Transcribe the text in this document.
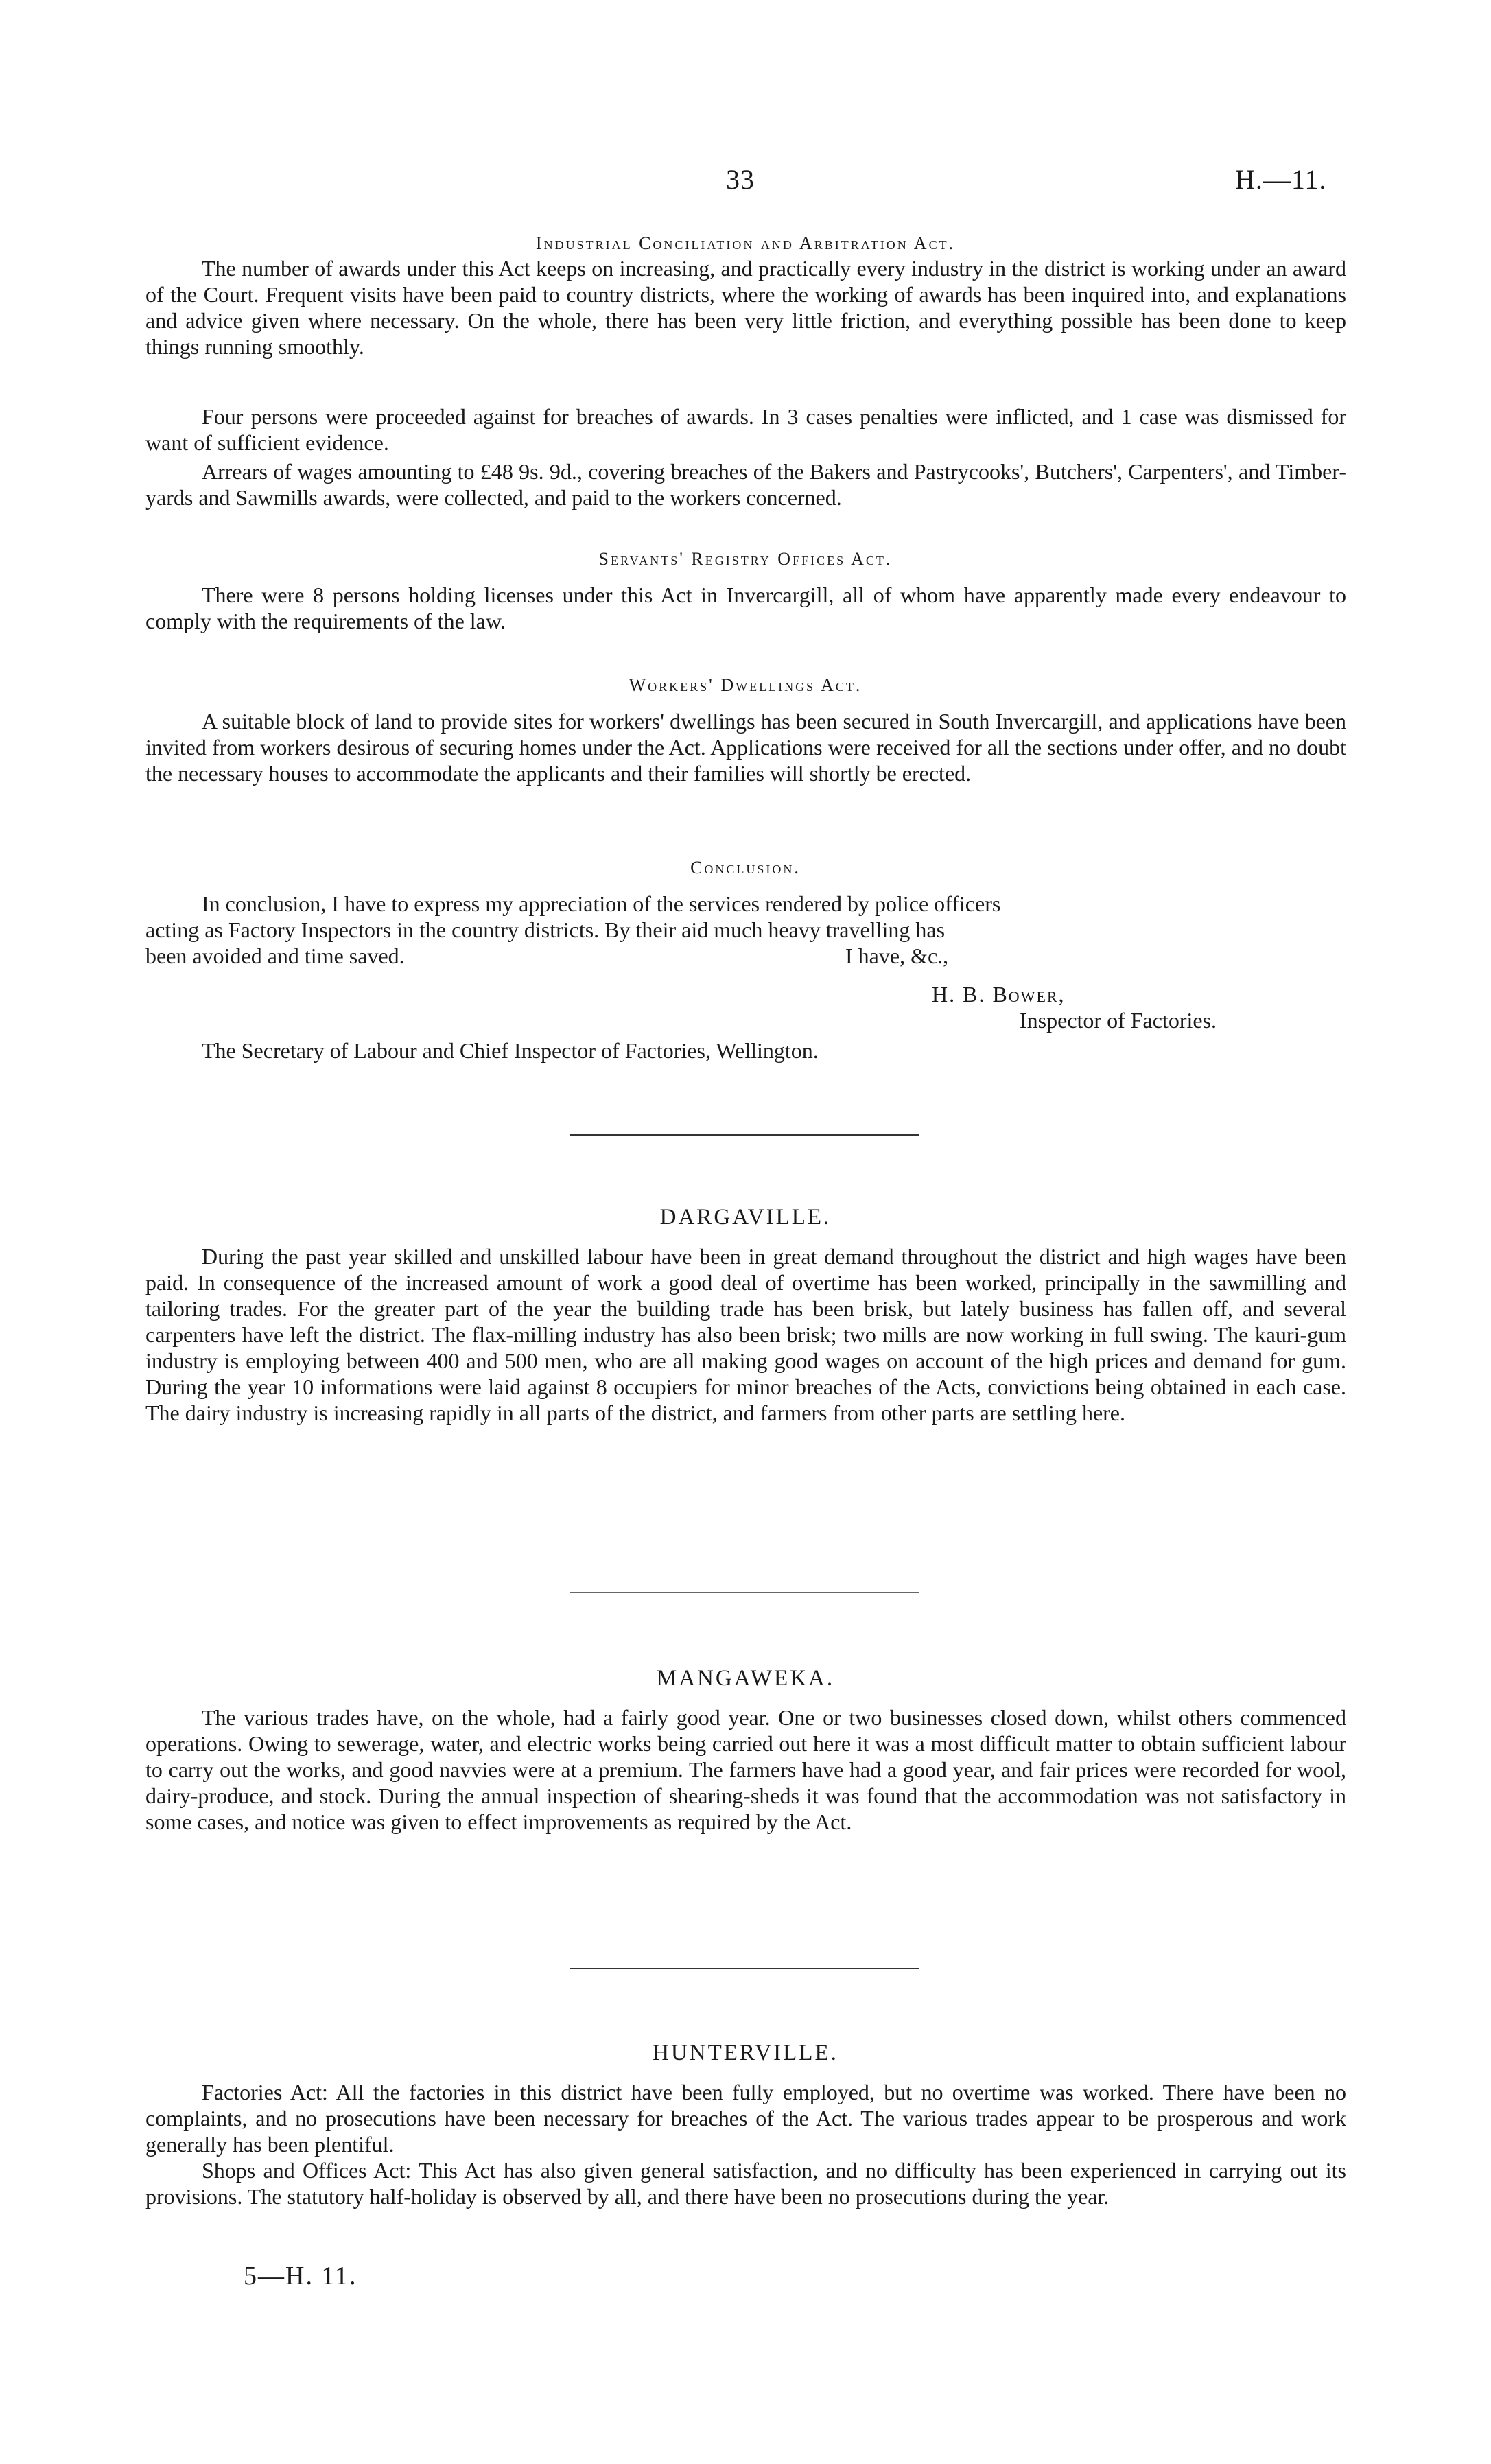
33	H.—11.
Industrial Conciliation and Arbitration Act.

The number of awards under this Act keeps on increasing, and practically every industry in the district is working under an award of the Court. Frequent visits have been paid to country districts, where the working of awards has been inquired into, and explanations and advice given where necessary. On the whole, there has been very little friction, and everything possible has been done to keep things running smoothly.

Four persons were proceeded against for breaches of awards. In 3 cases penalties were inflicted, and 1 case was dismissed for want of sufficient evidence.

Arrears of wages amounting to £48 9s. 9d., covering breaches of the Bakers and Pastrycooks', Butchers', Carpenters', and Timber-yards and Sawmills awards, were collected, and paid to the workers concerned.

Servants' Registry Offices Act.

There were 8 persons holding licenses under this Act in Invercargill, all of whom have apparently made every endeavour to comply with the requirements of the law.

Workers' Dwellings Act.

A suitable block of land to provide sites for workers' dwellings has been secured in South Invercargill, and applications have been invited from workers desirous of securing homes under the Act. Applications were received for all the sections under offer, and no doubt the necessary houses to accommodate the applicants and their families will shortly be erected.

Conclusion.
In conclusion, I have to express my appreciation of the services rendered by police officers
acting as Factory Inspectors in the country districts. By their aid much heavy travelling has
been avoided and time saved.	I have, &c.,
H. B. Bower,
Inspector of Factories.
The Secretary of Labour and Chief Inspector of Factories, Wellington.
DARGAVILLE.

During the past year skilled and unskilled labour have been in great demand throughout the district and high wages have been paid. In consequence of the increased amount of work a good deal of overtime has been worked, principally in the sawmilling and tailoring trades. For the greater part of the year the building trade has been brisk, but lately business has fallen off, and several carpenters have left the district. The flax-milling industry has also been brisk; two mills are now working in full swing. The kauri-gum industry is employing between 400 and 500 men, who are all making good wages on account of the high prices and demand for gum. During the year 10 informations were laid against 8 occupiers for minor breaches of the Acts, convictions being obtained in each case. The dairy industry is increasing rapidly in all parts of the district, and farmers from other parts are settling here.

MANGAWEKA.

The various trades have, on the whole, had a fairly good year. One or two businesses closed down, whilst others commenced operations. Owing to sewerage, water, and electric works being carried out here it was a most difficult matter to obtain sufficient labour to carry out the works, and good navvies were at a premium. The farmers have had a good year, and fair prices were recorded for wool, dairy-produce, and stock. During the annual inspection of shearing-sheds it was found that the accommodation was not satisfactory in some cases, and notice was given to effect improvements as required by the Act.

HUNTERVILLE.

Factories Act: All the factories in this district have been fully employed, but no overtime was worked. There have been no complaints, and no prosecutions have been necessary for breaches of the Act. The various trades appear to be prosperous and work generally has been plentiful.

Shops and Offices Act: This Act has also given general satisfaction, and no difficulty has been experienced in carrying out its provisions. The statutory half-holiday is observed by all, and there have been no prosecutions during the year.

5—H. 11.
